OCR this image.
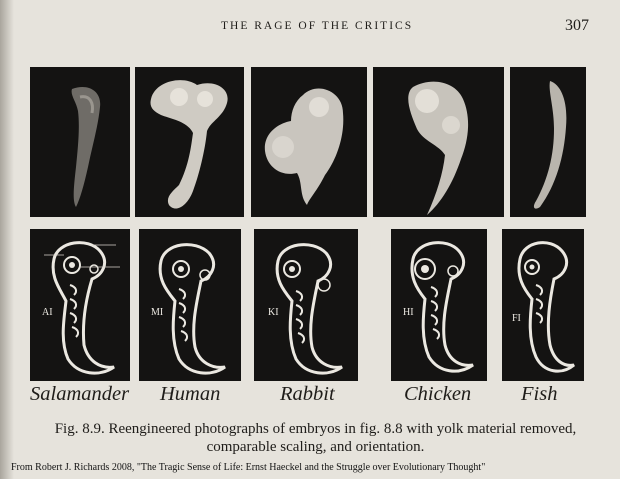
THE RAGE OF THE CRITICS	307
AI	MI	KI	HI
FI
Salamander Human	Rabbit	Chicken Fish
Fig. 8.9. Reengineered photographs of embryos in fig. 8.8 with yolk material removed,
comparable scaling, and orientation.
From Robert J. Richards 2008, "The Tragic Sense of Life: Ernst Haeckel and the Struggle over Evolutionary Thought"
